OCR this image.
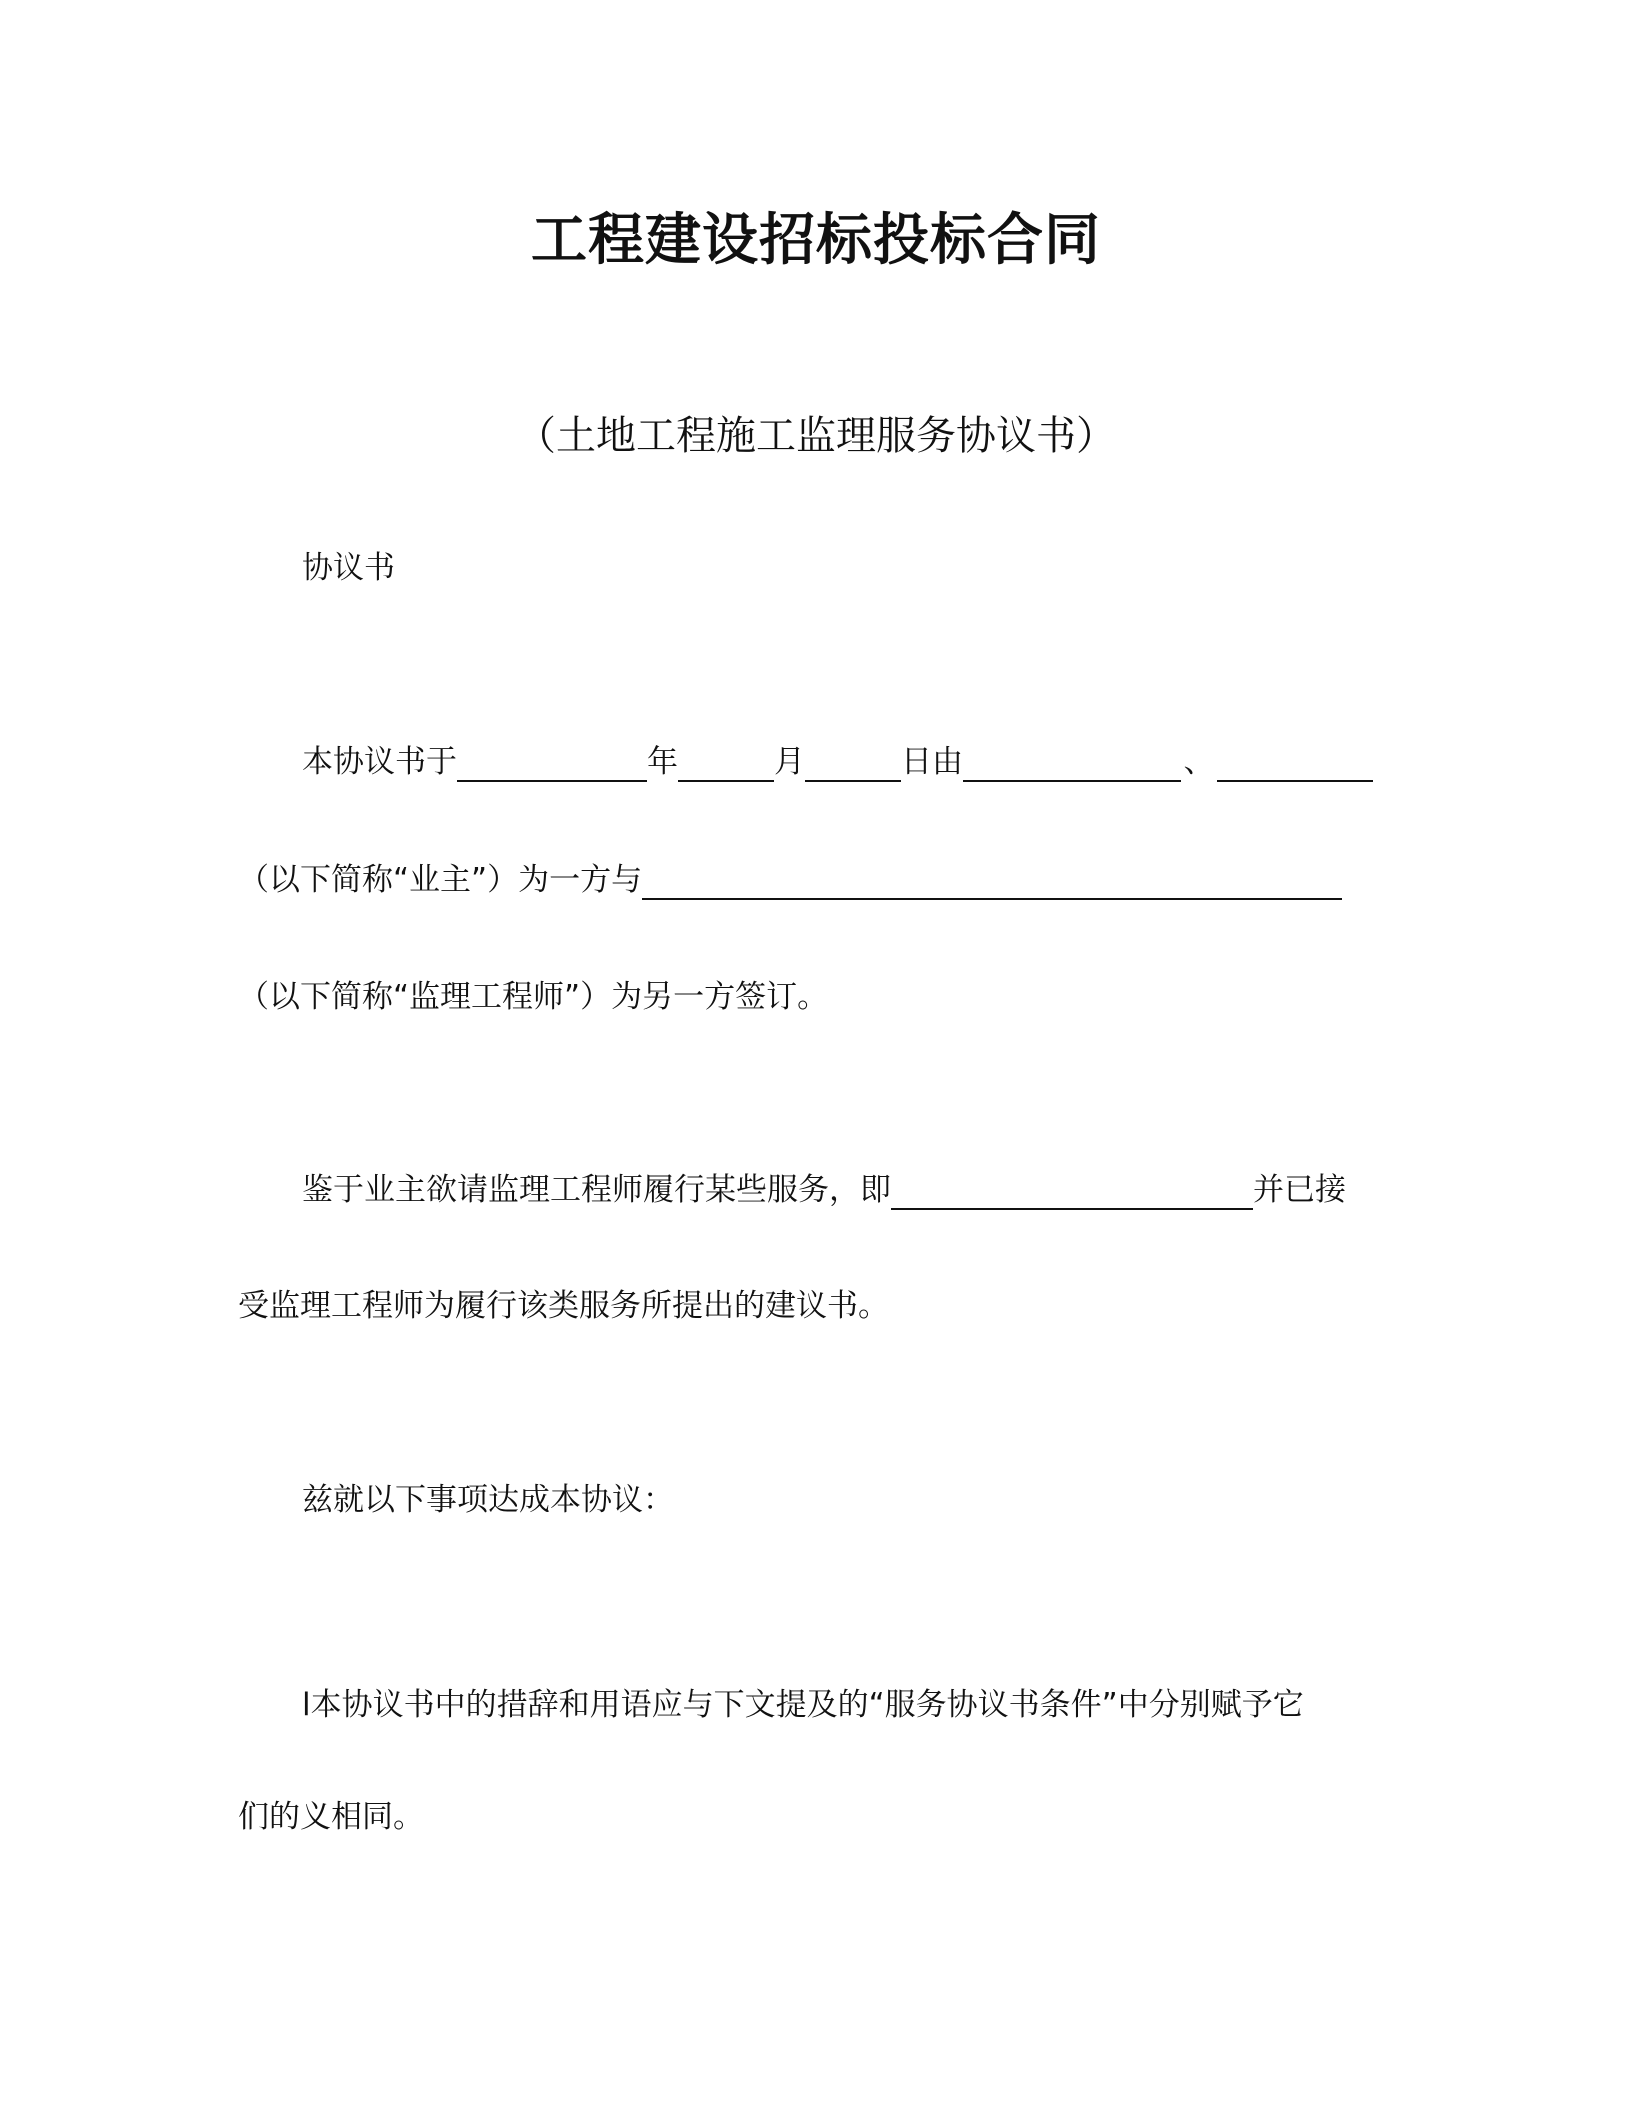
工程建设招标投标合同
（土地工程施工监理服务协议书）
协议书
本协议书于	年	月	日由	、
（以下简称“业主”）为一方与
（以下简称“监理工程师”）为另一方签订。
鉴于业主欲请监理工程师履行某些服务，即	并已接
受监理工程师为履行该类服务所提出的建议书。
兹就以下事项达成本协议：
l本协议书中的措辞和用语应与下文提及的“服务协议书条件”中分别赋予它
们的义相同。
